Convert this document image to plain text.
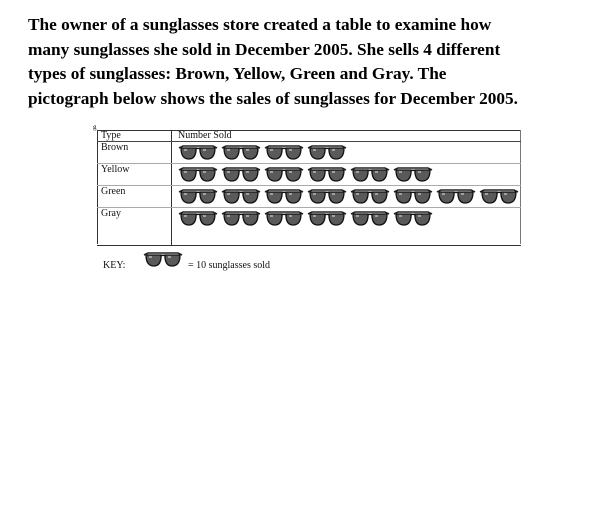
The owner of a sunglasses store created a table to examine how
many sunglasses she sold in December 2005. She sells 4 different
types of sunglasses: Brown, Yellow, Green and Gray. The
pictograph below shows the sales of sunglasses for December 2005.
g
Type	Number Sold
Brown	

Yellow	

Green	

Gray	
KEY:	= 10 sunglasses sold
